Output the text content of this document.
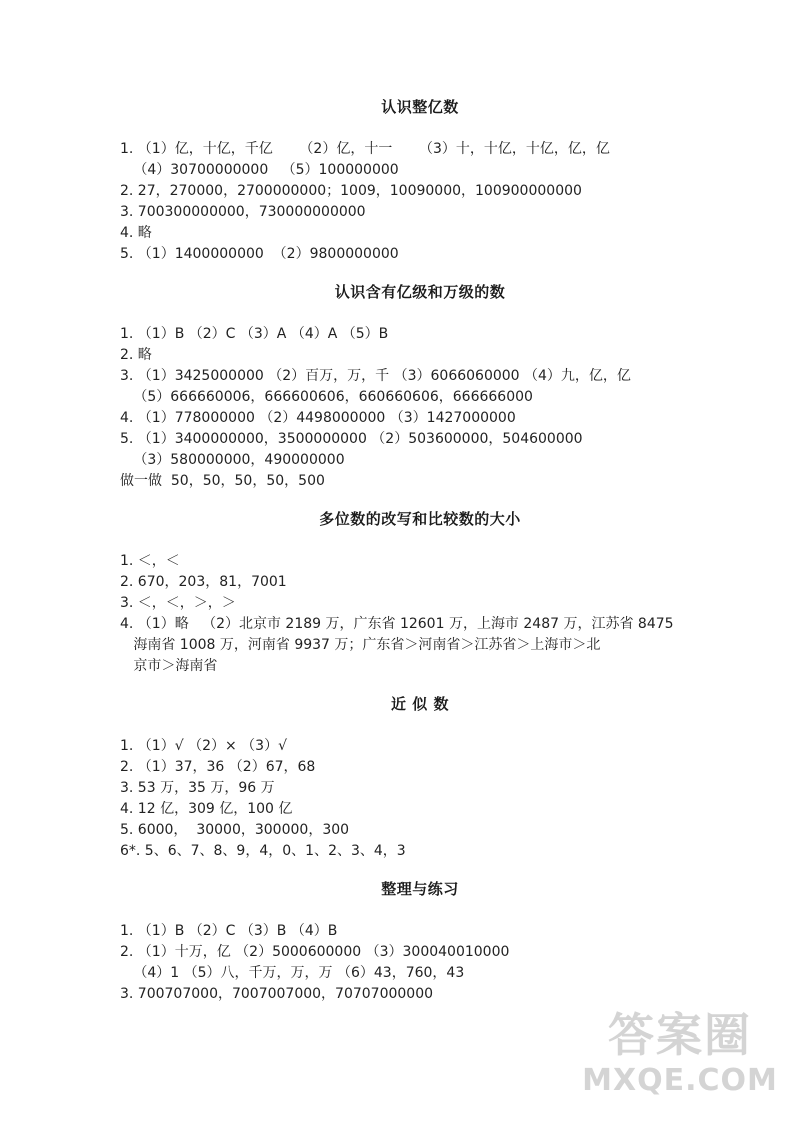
认识整亿数
1. （1）亿，十亿，千亿      （2）亿，十一      （3）十，十亿，十亿，亿，亿
（4）30700000000   （5）100000000
2. 27，270000，2700000000；1009，10090000，100900000000
3. 700300000000，730000000000
4. 略
5. （1）1400000000  （2）9800000000
认识含有亿级和万级的数
1. （1）B （2）C （3）A （4）A （5）B
2. 略
3. （1）3425000000 （2）百万，万，千 （3）6066060000 （4）九，亿，亿
（5）666660006，666600606，660660606，666666000
4. （1）778000000 （2）4498000000 （3）1427000000
5. （1）3400000000，3500000000 （2）503600000，504600000
（3）580000000，490000000
做一做  50，50，50，50，500
多位数的改写和比较数的大小
1. ＜，＜
2. 670，203，81，7001
3. ＜，＜，＞，＞
4. （1）略   （2）北京市 2189 万，广东省 12601 万，上海市 2487 万，江苏省 8475
海南省 1008 万，河南省 9937 万；广东省＞河南省＞江苏省＞上海市＞北
京市＞海南省
近 似 数
1. （1）√ （2）× （3）√
2. （1）37，36 （2）67，68
3. 53 万，35 万，96 万
4. 12 亿，309 亿，100 亿
5. 6000，  30000，300000，300
6*. 5、6、7、8、9，4，0、1、2、3、4，3
整理与练习
1. （1）B （2）C （3）B （4）B
2. （1）十万，亿 （2）5000600000 （3）300040010000
（4）1 （5）八，千万，万，万 （6）43，760，43
3. 700707000，7007007000，70707000000
答案圈
MXQE.COM
